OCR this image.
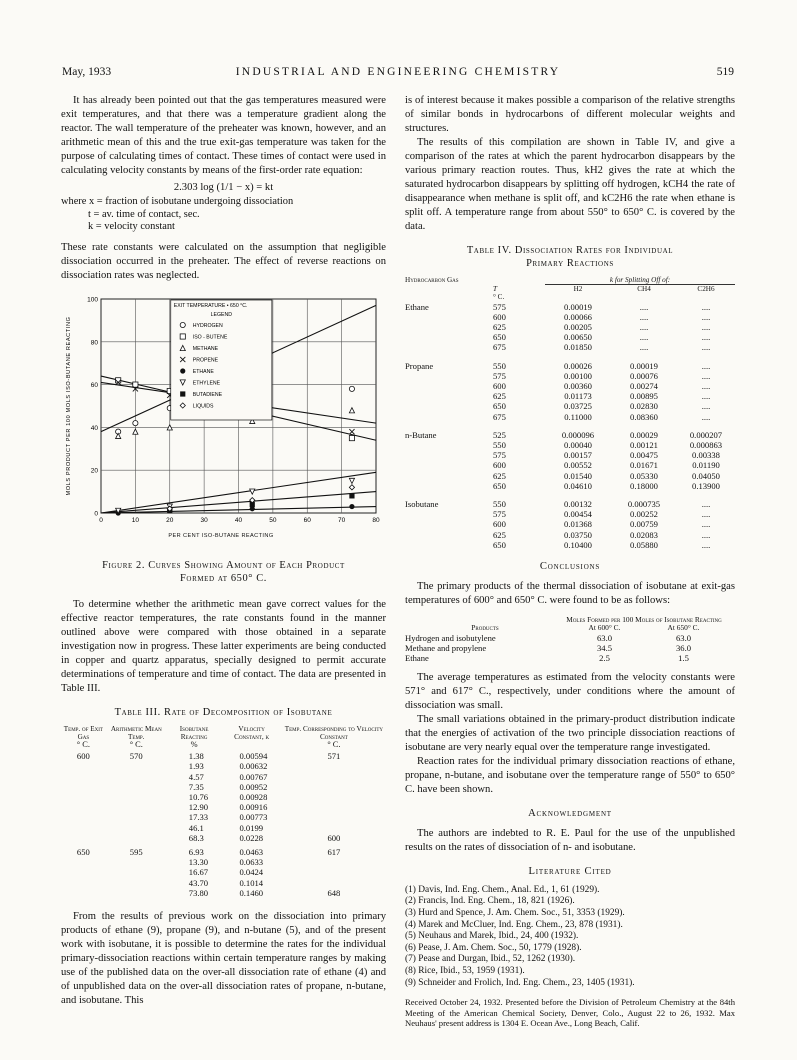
May, 1933	INDUSTRIAL AND ENGINEERING CHEMISTRY	519

It has already been pointed out that the gas temperatures measured were exit temperatures, and that there was a temperature gradient along the reactor. The wall temperature of the preheater was known, however, and an arithmetic mean of this and the true exit-gas temperature was taken for the purpose of calculating times of contact. These times of contact were used in calculating velocity constants by means of the first-order rate equation:

2.303 log (1/1 − x) = kt
where x = fraction of isobutane undergoing dissociation
t = av. time of contact, sec.
k = velocity constant

These rate constants were calculated on the assumption that negligible dissociation occurred in the preheater. The effect of reverse reactions on dissociation rates was neglected.

10	20	30	40	50	60	70	80
0
0
20
40
60
80
100
MOLS PRODUCT PER 100 MOLS ISO-BUTANE REACTING
EXIT TEMPERATURE • 650 °C.
LEGEND
HYDROGEN
ISO - BUTENE
METHANE
PROPENE
ETHANE
ETHYLENE
BUTADIENE
LIQUIDS
PER CENT ISO-BUTANE REACTING
Figure 2. Curves Showing Amount of Each Product
Formed at 650° C.

To determine whether the arithmetic mean gave correct values for the effective reactor temperatures, the rate constants found in the manner outlined above were compared with those obtained in a separate investigation now in progress. These latter experiments are being conducted in copper and quartz apparatus, specially designed to permit accurate determinations of temperature and time of contact. The data are presented in Table III.

Table III. Rate of Decomposition of Isobutane
Temp. of Exit Gas	Arithmetic Mean Temp.	Isobutane Reacting	Velocity Constant, k	Temp. Corresponding to Velocity Constant
° C.	° C.	%		° C.
600	570	1.38	0.00594	571
		1.93	0.00632	
		4.57	0.00767	
		7.35	0.00952	
		10.76	0.00928	
		12.90	0.00916	
		17.33	0.00773	
		46.1	0.0199	
		68.3	0.0228	600
650	595	6.93	0.0463	617
		13.30	0.0633	
		16.67	0.0424	
		43.70	0.1014	
		73.80	0.1460	648

From the results of previous work on the dissociation into primary products of ethane (9), propane (9), and n-butane (5), and of the present work with isobutane, it is possible to determine the rates for the individual primary-dissociation reactions within certain temperature ranges by making use of the published data on the over-all dissociation rate of ethane (4) and of unpublished data on the over-all dissociation rates of propane, n-butane, and isobutane. This

is of interest because it makes possible a comparison of the relative strengths of similar bonds in hydrocarbons of different molecular weights and structures.

The results of this compilation are shown in Table IV, and give a comparison of the rates at which the parent hydrocarbon disappears by the various primary reaction routes. Thus, kH2 gives the rate at which the saturated hydrocarbon disappears by splitting off hydrogen, kCH4 the rate of disappearance when methane is split off, and kC2H6 the rate when ethane is split off. A temperature range from about 550° to 650° C. is covered by the data.

Table IV. Dissociation Rates for Individual
Primary Reactions
Hydrocarbon Gas		k for Splitting Off of:		
	T	H2	CH4	C2H6
	° C.			
Ethane	575	0.00019	....	....
	600	0.00066	....	....
	625	0.00205	....	....
	650	0.00650	....	....
	675	0.01850	....	....
Propane	550	0.00026	0.00019	....
	575	0.00100	0.00076	....
	600	0.00360	0.00274	....
	625	0.01173	0.00895	....
	650	0.03725	0.02830	....
	675	0.11000	0.08360	....
n-Butane	525	0.000096	0.00029	0.000207
	550	0.00040	0.00121	0.000863
	575	0.00157	0.00475	0.00338
	600	0.00552	0.01671	0.01190
	625	0.01540	0.05330	0.04050
	650	0.04610	0.18000	0.13900
Isobutane	550	0.00132	0.000735	....
	575	0.00454	0.00252	....
	600	0.01368	0.00759	....
	625	0.03750	0.02083	....
	650	0.10400	0.05880	....
Conclusions

The primary products of the thermal dissociation of isobutane at exit-gas temperatures of 600° and 650° C. were found to be as follows:

	Moles Formed per 100 Moles of Isobutane Reacting	
Products	At 600° C.	At 650° C.
Hydrogen and isobutylene	63.0	63.0
Methane and propylene	34.5	36.0
Ethane	2.5	1.5

The average temperatures as estimated from the velocity constants were 571° and 617° C., respectively, under conditions where the amount of dissociation was small.

The small variations obtained in the primary-product distribution indicate that the energies of activation of the two principle dissociation reactions of isobutane are very nearly equal over the temperature range investigated.

Reaction rates for the individual primary dissociation reactions of ethane, propane, n-butane, and isobutane over the temperature range of 550° to 650° C. have been shown.

Acknowledgment

The authors are indebted to R. E. Paul for the use of the unpublished results on the rates of dissociation of n- and isobutane.

Literature Cited
(1) Davis, Ind. Eng. Chem., Anal. Ed., 1, 61 (1929).
(2) Francis, Ind. Eng. Chem., 18, 821 (1926).
(3) Hurd and Spence, J. Am. Chem. Soc., 51, 3353 (1929).
(4) Marek and McCluer, Ind. Eng. Chem., 23, 878 (1931).
(5) Neuhaus and Marek, Ibid., 24, 400 (1932).
(6) Pease, J. Am. Chem. Soc., 50, 1779 (1928).
(7) Pease and Durgan, Ibid., 52, 1262 (1930).
(8) Rice, Ibid., 53, 1959 (1931).
(9) Schneider and Frolich, Ind. Eng. Chem., 23, 1405 (1931).
Received October 24, 1932. Presented before the Division of Petroleum Chemistry at the 84th Meeting of the American Chemical Society, Denver, Colo., August 22 to 26, 1932. Max Neuhaus' present address is 1304 E. Ocean Ave., Long Beach, Calif.
